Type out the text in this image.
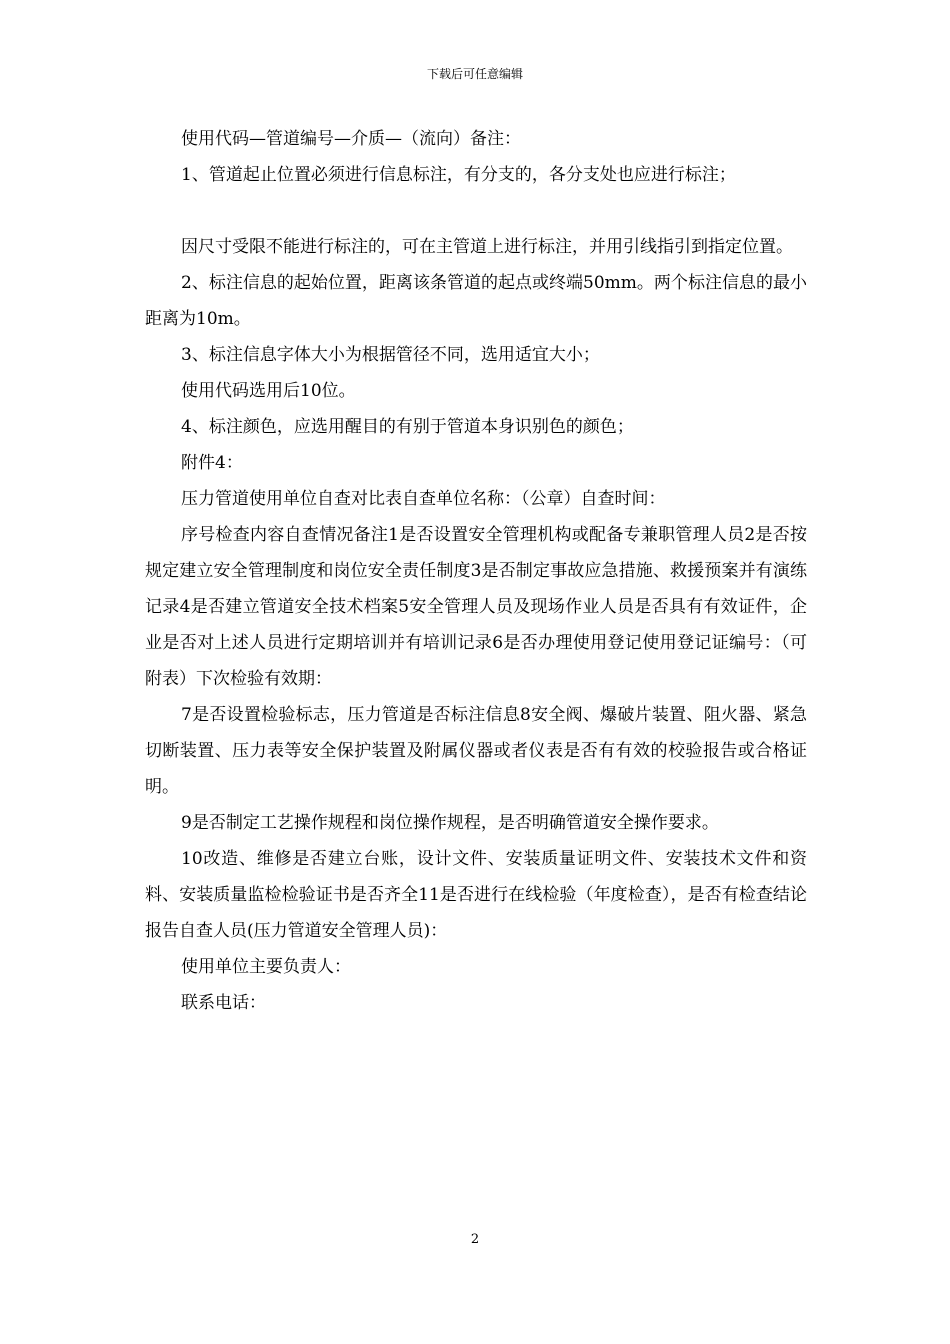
下载后可任意编辑

使用代码—管道编号—介质—（流向）备注：

1、管道起止位置必须进行信息标注，有分支的，各分支处也应进行标注；

因尺寸受限不能进行标注的，可在主管道上进行标注，并用引线指引到指定位置。

2、标注信息的起始位置，距离该条管道的起点或终端50mm。两个标注信息的最小距离为10m。

3、标注信息字体大小为根据管径不同，选用适宜大小；

使用代码选用后10位。

4、标注颜色，应选用醒目的有别于管道本身识别色的颜色；

附件4：

压力管道使用单位自查对比表自查单位名称：（公章）自查时间：

序号检查内容自查情况备注1是否设置安全管理机构或配备专兼职管理人员2是否按规定建立安全管理制度和岗位安全责任制度3是否制定事故应急措施、救援预案并有演练记录4是否建立管道安全技术档案5安全管理人员及现场作业人员是否具有有效证件，企业是否对上述人员进行定期培训并有培训记录6是否办理使用登记使用登记证编号：（可附表）下次检验有效期：

7是否设置检验标志，压力管道是否标注信息8安全阀、爆破片装置、阻火器、紧急切断装置、压力表等安全保护装置及附属仪器或者仪表是否有有效的校验报告或合格证明。

9是否制定工艺操作规程和岗位操作规程，是否明确管道安全操作要求。

10改造、维修是否建立台账，设计文件、安装质量证明文件、安装技术文件和资料、安装质量监检检验证书是否齐全11是否进行在线检验（年度检查），是否有检查结论报告自查人员(压力管道安全管理人员)：

使用单位主要负责人：

联系电话：

2
